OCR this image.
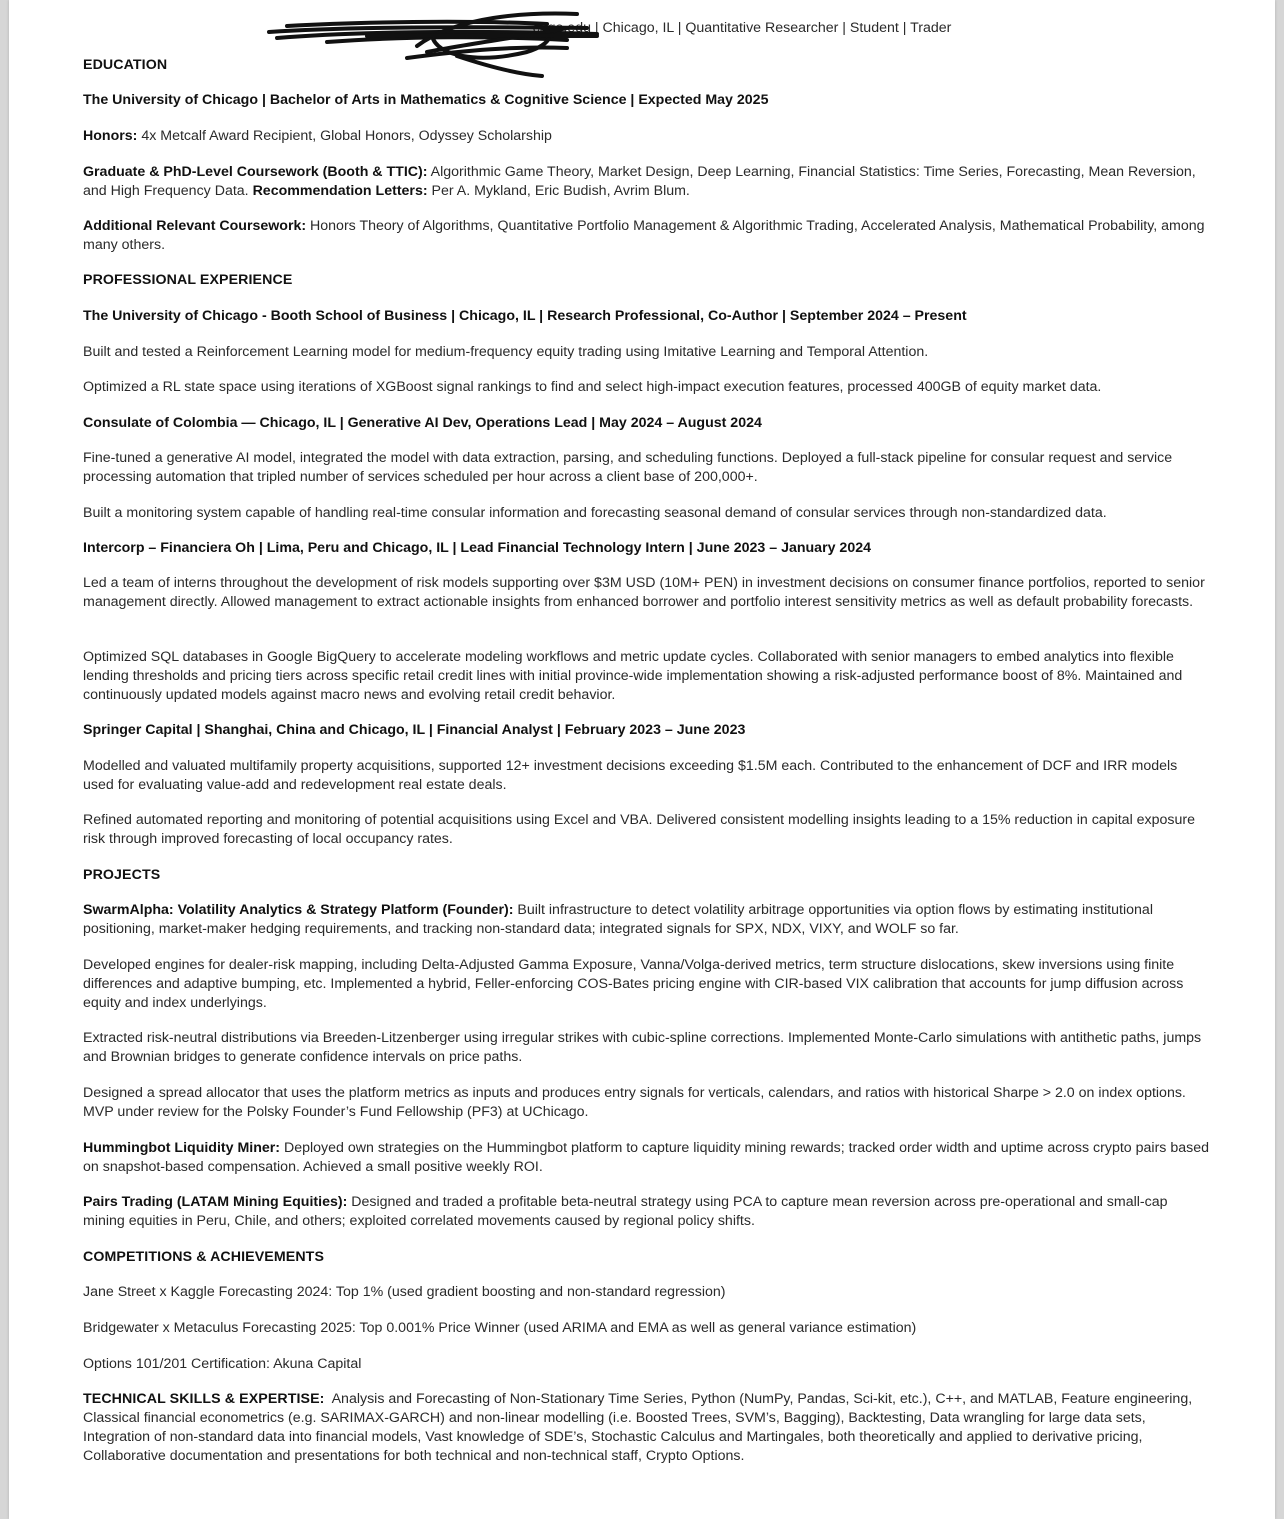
cago.edu | Chicago, IL | Quantitative Researcher | Student | Trader
EDUCATION
The University of Chicago | Bachelor of Arts in Mathematics & Cognitive Science | Expected May 2025

Honors: 4x Metcalf Award Recipient, Global Honors, Odyssey Scholarship

Graduate & PhD-Level Coursework (Booth & TTIC): Algorithmic Game Theory, Market Design, Deep Learning, Financial Statistics: Time Series, Forecasting, Mean Reversion, and High Frequency Data. Recommendation Letters: Per A. Mykland, Eric Budish, Avrim Blum.

Additional Relevant Coursework: Honors Theory of Algorithms, Quantitative Portfolio Management & Algorithmic Trading, Accelerated Analysis, Mathematical Probability, among many others.

PROFESSIONAL EXPERIENCE
The University of Chicago - Booth School of Business | Chicago, IL | Research Professional, Co-Author | September 2024 – Present

Built and tested a Reinforcement Learning model for medium-frequency equity trading using Imitative Learning and Temporal Attention.

Optimized a RL state space using iterations of XGBoost signal rankings to find and select high-impact execution features, processed 400GB of equity market data.

Consulate of Colombia — Chicago, IL | Generative AI Dev, Operations Lead | May 2024 – August 2024

Fine-tuned a generative AI model, integrated the model with data extraction, parsing, and scheduling functions. Deployed a full-stack pipeline for consular request and service processing automation that tripled number of services scheduled per hour across a client base of 200,000+.

Built a monitoring system capable of handling real-time consular information and forecasting seasonal demand of consular services through non-standardized data.

Intercorp – Financiera Oh | Lima, Peru and Chicago, IL | Lead Financial Technology Intern | June 2023 – January 2024

Led a team of interns throughout the development of risk models supporting over $3M USD (10M+ PEN) in investment decisions on consumer finance portfolios, reported to senior management directly. Allowed management to extract actionable insights from enhanced borrower and portfolio interest sensitivity metrics as well as default probability forecasts.

Optimized SQL databases in Google BigQuery to accelerate modeling workflows and metric update cycles. Collaborated with senior managers to embed analytics into flexible lending thresholds and pricing tiers across specific retail credit lines with initial province-wide implementation showing a risk-adjusted performance boost of 8%. Maintained and continuously updated models against macro news and evolving retail credit behavior.

Springer Capital | Shanghai, China and Chicago, IL | Financial Analyst | February 2023 – June 2023

Modelled and valuated multifamily property acquisitions, supported 12+ investment decisions exceeding $1.5M each. Contributed to the enhancement of DCF and IRR models used for evaluating value-add and redevelopment real estate deals.

Refined automated reporting and monitoring of potential acquisitions using Excel and VBA. Delivered consistent modelling insights leading to a 15% reduction in capital exposure risk through improved forecasting of local occupancy rates.

PROJECTS

SwarmAlpha: Volatility Analytics & Strategy Platform (Founder): Built infrastructure to detect volatility arbitrage opportunities via option flows by estimating institutional positioning, market-maker hedging requirements, and tracking non-standard data; integrated signals for SPX, NDX, VIXY, and WOLF so far.

Developed engines for dealer-risk mapping, including Delta-Adjusted Gamma Exposure, Vanna/Volga-derived metrics, term structure dislocations, skew inversions using finite differences and adaptive bumping, etc. Implemented a hybrid, Feller-enforcing COS-Bates pricing engine with CIR-based VIX calibration that accounts for jump diffusion across equity and index underlyings.

Extracted risk-neutral distributions via Breeden-Litzenberger using irregular strikes with cubic-spline corrections. Implemented Monte-Carlo simulations with antithetic paths, jumps and Brownian bridges to generate confidence intervals on price paths.

Designed a spread allocator that uses the platform metrics as inputs and produces entry signals for verticals, calendars, and ratios with historical Sharpe > 2.0 on index options. MVP under review for the Polsky Founder’s Fund Fellowship (PF3) at UChicago.

Hummingbot Liquidity Miner: Deployed own strategies on the Hummingbot platform to capture liquidity mining rewards; tracked order width and uptime across crypto pairs based on snapshot-based compensation. Achieved a small positive weekly ROI.

Pairs Trading (LATAM Mining Equities): Designed and traded a profitable beta-neutral strategy using PCA to capture mean reversion across pre-operational and small-cap mining equities in Peru, Chile, and others; exploited correlated movements caused by regional policy shifts.

COMPETITIONS & ACHIEVEMENTS

Jane Street x Kaggle Forecasting 2024: Top 1% (used gradient boosting and non-standard regression)

Bridgewater x Metaculus Forecasting 2025: Top 0.001% Price Winner (used ARIMA and EMA as well as general variance estimation)

Options 101/201 Certification: Akuna Capital

TECHNICAL SKILLS & EXPERTISE:  Analysis and Forecasting of Non-Stationary Time Series, Python (NumPy, Pandas, Sci-kit, etc.), C++, and MATLAB, Feature engineering, Classical financial econometrics (e.g. SARIMAX-GARCH) and non-linear modelling (i.e. Boosted Trees, SVM’s, Bagging), Backtesting, Data wrangling for large data sets, Integration of non-standard data into financial models, Vast knowledge of SDE’s, Stochastic Calculus and Martingales, both theoretically and applied to derivative pricing, Collaborative documentation and presentations for both technical and non-technical staff, Crypto Options.
